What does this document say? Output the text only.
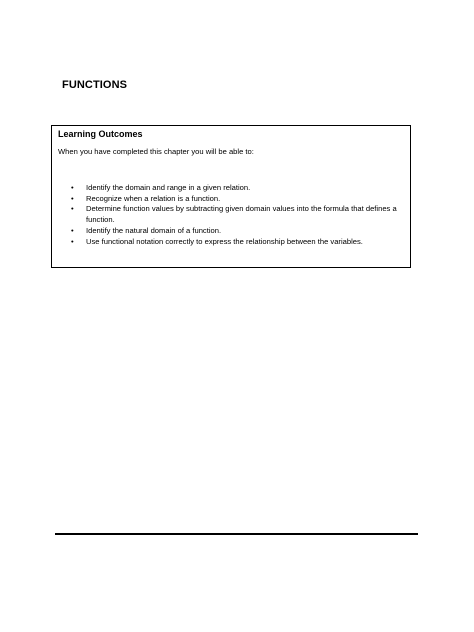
FUNCTIONS
Learning Outcomes

When you have completed this chapter you will be able to:

• Identify the domain and range in a given relation.
• Recognize when a relation is a function.
• Determine function values by subtracting given domain values into the formula that defines a function.
• Identify the natural domain of a function.
• Use functional notation correctly to express the relationship between the variables.
